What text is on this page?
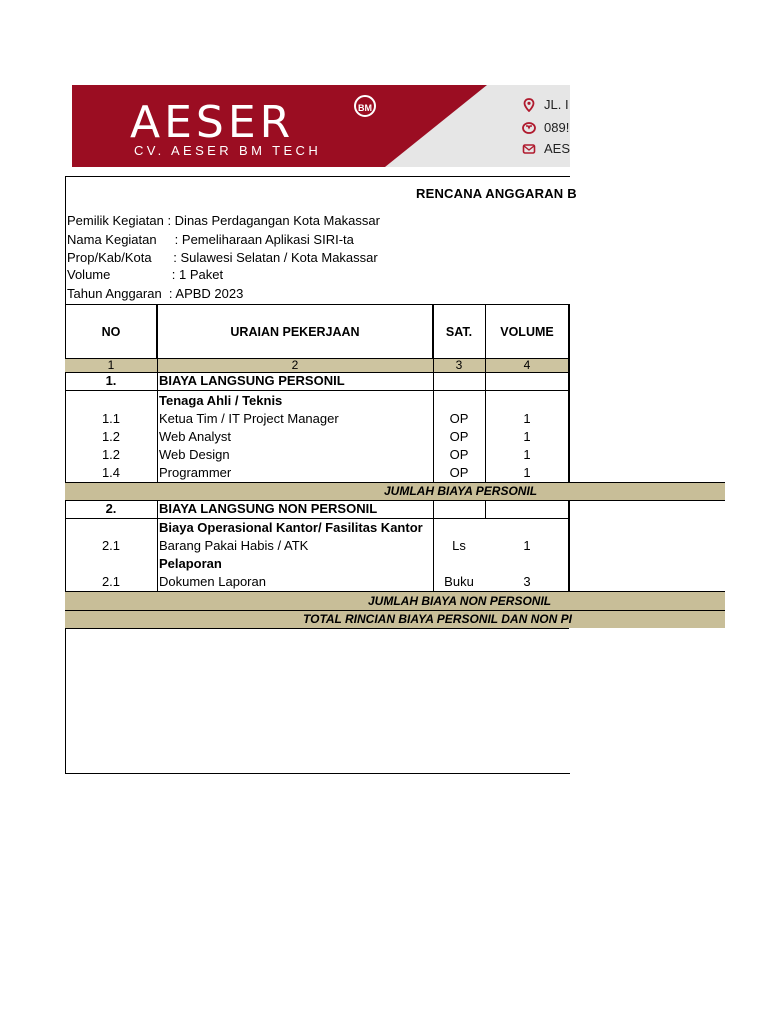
AESER	BM
CV. AESER BM TECH
JL. I
089!
AES
RENCANA ANGGARAN B
Pemilik Kegiatan : Dinas Perdagangan Kota Makassar
Nama Kegiatan     : Pemeliharaan Aplikasi SIRI-ta
Prop/Kab/Kota      : Sulawesi Selatan / Kota Makassar
Volume                 : 1 Paket
Tahun Anggaran  : APBD 2023
NO	URAIAN PEKERJAAN	SAT.	VOLUME
1	2	3	4
1.	BIAYA LANGSUNG PERSONIL
Tenaga Ahli / Teknis
1.1	Ketua Tim / IT Project Manager	OP	1
1.2	Web Analyst	OP	1
1.2	Web Design	OP	1
1.4	Programmer	OP	1
JUMLAH BIAYA PERSONIL
2.	BIAYA LANGSUNG NON PERSONIL
Biaya Operasional Kantor/ Fasilitas Kantor
2.1	Barang Pakai Habis / ATK	Ls	1
Pelaporan
2.1	Dokumen Laporan	Buku	3
JUMLAH BIAYA NON PERSONIL
TOTAL RINCIAN BIAYA PERSONIL DAN NON PI
